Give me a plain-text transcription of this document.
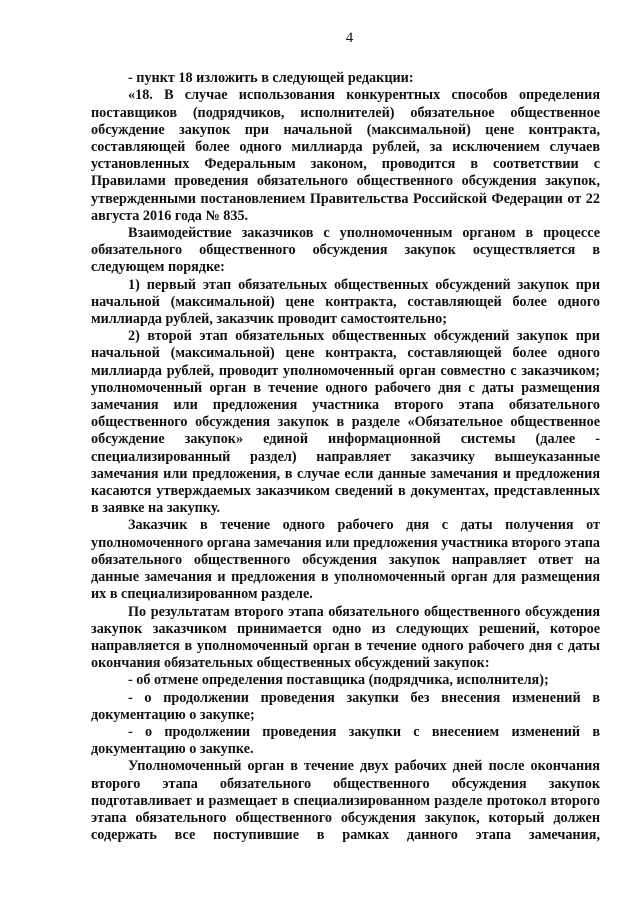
4

- пункт 18 изложить в следующей редакции:

«18. В случае использования конкурентных способов определения поставщиков (подрядчиков, исполнителей) обязательное общественное обсуждение закупок при начальной (максимальной) цене контракта, составляющей более одного миллиарда рублей, за исключением случаев установленных Федеральным законом, проводится в соответствии с Правилами проведения обязательного общественного обсуждения закупок, утвержденными постановлением Правительства Российской Федерации от 22 августа 2016 года № 835.

Взаимодействие заказчиков с уполномоченным органом в процессе обязательного общественного обсуждения закупок осуществляется в следующем порядке:

1) первый этап обязательных общественных обсуждений закупок при начальной (максимальной) цене контракта, составляющей более одного миллиарда рублей, заказчик проводит самостоятельно;

2) второй этап обязательных общественных обсуждений закупок при начальной (максимальной) цене контракта, составляющей более одного миллиарда рублей, проводит уполномоченный орган совместно с заказчиком; уполномоченный орган в течение одного рабочего дня с даты размещения замечания или предложения участника второго этапа обязательного общественного обсуждения закупок в разделе «Обязательное общественное обсуждение закупок» единой информационной системы (далее - специализированный раздел) направляет заказчику вышеуказанные замечания или предложения, в случае если данные замечания и предложения касаются утверждаемых заказчиком сведений в документах, представленных в заявке на закупку.

Заказчик в течение одного рабочего дня с даты получения от уполномоченного органа замечания или предложения участника второго этапа обязательного общественного обсуждения закупок направляет ответ на данные замечания и предложения в уполномоченный орган для размещения их в специализированном разделе.

По результатам второго этапа обязательного общественного обсуждения закупок заказчиком принимается одно из следующих решений, которое направляется в уполномоченный орган в течение одного рабочего дня с даты окончания обязательных общественных обсуждений закупок:

- об отмене определения поставщика (подрядчика, исполнителя);

- о продолжении проведения закупки без внесения изменений в документацию о закупке;

- о продолжении проведения закупки с внесением изменений в документацию о закупке.

Уполномоченный орган в течение двух рабочих дней после окончания второго этапа обязательного общественного обсуждения закупок подготавливает и размещает в специализированном разделе протокол второго этапа обязательного общественного обсуждения закупок, который должен содержать все поступившие в рамках данного этапа замечания,
